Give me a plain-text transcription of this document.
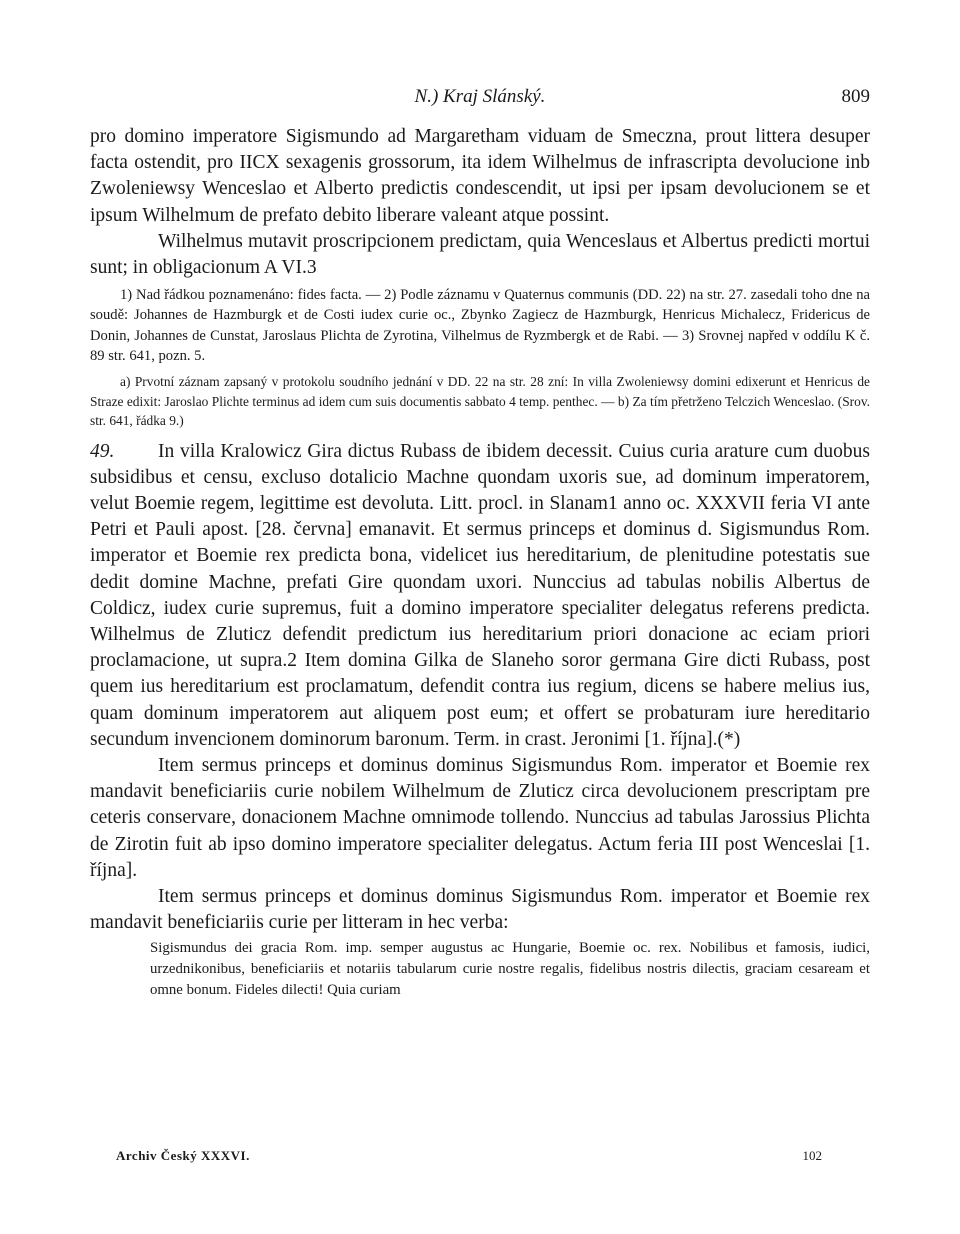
N.) Kraj Slánský.	809

pro domino imperatore Sigismundo ad Margaretham viduam de Smeczna, prout littera desuper facta ostendit, pro IICX sexagenis grossorum, ita idem Wilhelmus de infrascripta devolucione inb Zwoleniewsy Wenceslao et Alberto predictis condescendit, ut ipsi per ipsam devolucionem se et ipsum Wilhelmum de prefato debito liberare valeant atque possint.

Wilhelmus mutavit proscripcionem predictam, quia Wenceslaus et Albertus predicti mortui sunt; in obligacionum A VI.3

1) Nad řádkou poznamenáno: fides facta. — 2) Podle záznamu v Quaternus communis (DD. 22) na str. 27. zasedali toho dne na soudě: Johannes de Hazmburgk et de Costi iudex curie oc., Zbynko Zagiecz de Hazmburgk, Henricus Michalecz, Fridericus de Donin, Johannes de Cunstat, Jaroslaus Plichta de Zyrotina, Vilhelmus de Ryzmbergk et de Rabi. — 3) Srovnej napřed v oddílu K č. 89 str. 641, pozn. 5.

a) Prvotní záznam zapsaný v protokolu soudního jednání v DD. 22 na str. 28 zní: In villa Zwoleniewsy domini edixerunt et Henricus de Straze edixit: Jaroslao Plichte terminus ad idem cum suis documentis sabbato 4 temp. penthec. — b) Za tím přetrženo Telczich Wenceslao. (Srov. str. 641, řádka 9.)

49. In villa Kralowicz Gira dictus Rubass de ibidem decessit. Cuius curia arature cum duobus subsidibus et censu, excluso dotalicio Machne quondam uxoris sue, ad dominum imperatorem, velut Boemie regem, legittime est devoluta. Litt. procl. in Slanam1 anno oc. XXXVII feria VI ante Petri et Pauli apost. [28. června] emanavit. Et sermus princeps et dominus d. Sigismundus Rom. imperator et Boemie rex predicta bona, videlicet ius hereditarium, de plenitudine potestatis sue dedit domine Machne, prefati Gire quondam uxori. Nunccius ad tabulas nobilis Albertus de Coldicz, iudex curie supremus, fuit a domino imperatore specialiter delegatus referens predicta. Wilhelmus de Zluticz defendit predictum ius hereditarium priori donacione ac eciam priori proclamacione, ut supra.2 Item domina Gilka de Slaneho soror germana Gire dicti Rubass, post quem ius hereditarium est proclamatum, defendit contra ius regium, dicens se habere melius ius, quam dominum imperatorem aut aliquem post eum; et offert se probaturam iure hereditario secundum invencionem dominorum baronum. Term. in crast. Jeronimi [1. října].(*)

Item sermus princeps et dominus dominus Sigismundus Rom. imperator et Boemie rex mandavit beneficiariis curie nobilem Wilhelmum de Zluticz circa devolucionem prescriptam pre ceteris conservare, donacionem Machne omnimode tollendo. Nunccius ad tabulas Jarossius Plichta de Zirotin fuit ab ipso domino imperatore specialiter delegatus. Actum feria III post Wenceslai [1. října].

Item sermus princeps et dominus dominus Sigismundus Rom. imperator et Boemie rex mandavit beneficiariis curie per litteram in hec verba:

Sigismundus dei gracia Rom. imp. semper augustus ac Hungarie, Boemie oc. rex. Nobilibus et famosis, iudici, urzednikonibus, beneficiariis et notariis tabularum curie nostre regalis, fidelibus nostris dilectis, graciam cesaream et omne bonum. Fideles dilecti! Quia curiam
Archiv Český XXXVI.	102
